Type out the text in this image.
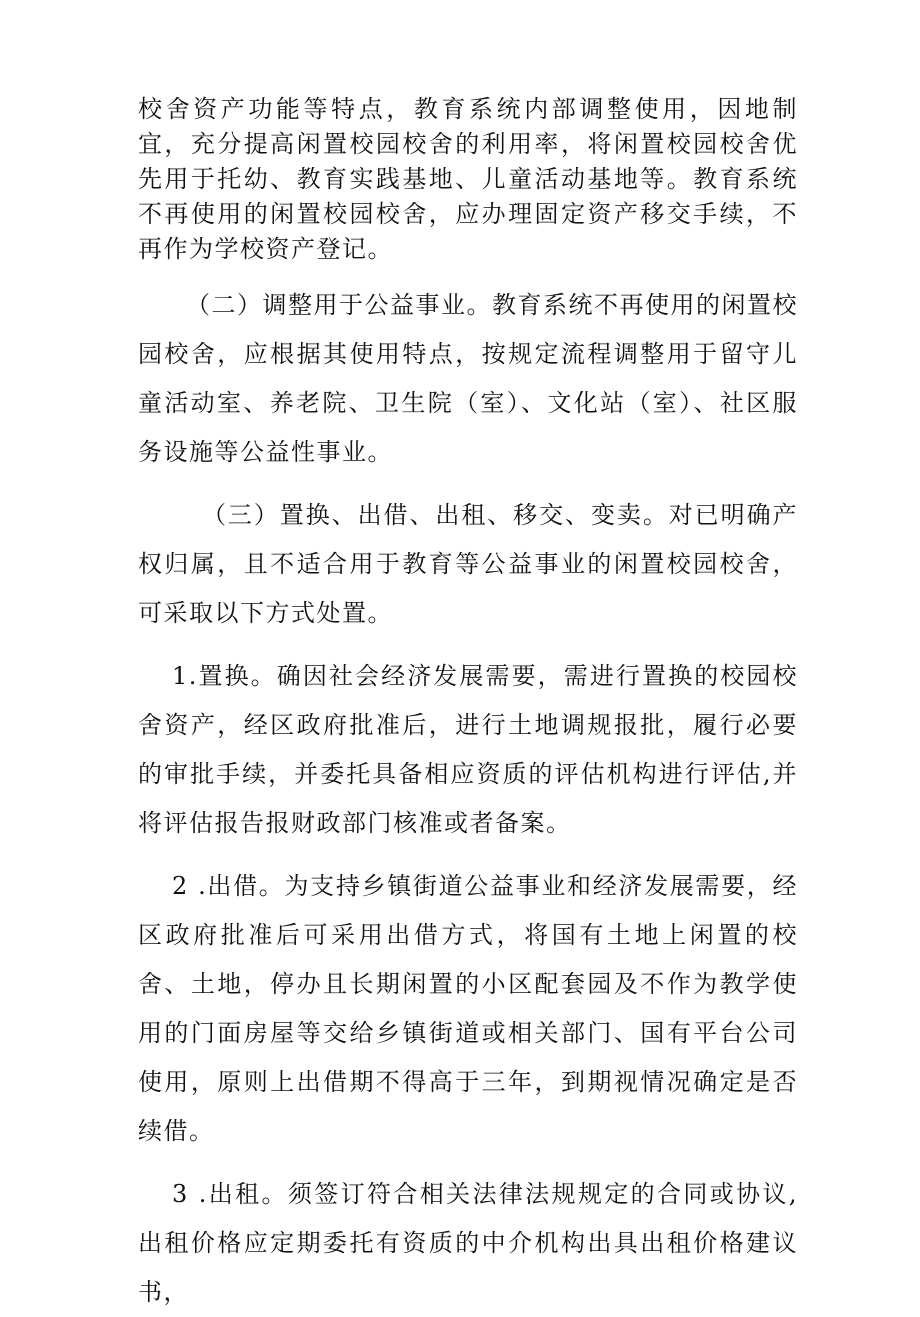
校舍资产功能等特点，教育系统内部调整使用，因地制宜，充分提高闲置校园校舍的利用率，将闲置校园校舍优先用于托幼、教育实践基地、儿童活动基地等。教育系统不再使用的闲置校园校舍，应办理固定资产移交手续，不再作为学校资产登记。

（二）调整用于公益事业。教育系统不再使用的闲置校园校舍，应根据其使用特点，按规定流程调整用于留守儿童活动室、养老院、卫生院（室）、文化站（室）、社区服务设施等公益性事业。

（三）置换、出借、出租、移交、变卖。对已明确产权归属，且不适合用于教育等公益事业的闲置校园校舍，可采取以下方式处置。

1.置换。确因社会经济发展需要，需进行置换的校园校舍资产，经区政府批准后，进行土地调规报批，履行必要的审批手续，并委托具备相应资质的评估机构进行评估,并将评估报告报财政部门核准或者备案。

2 .出借。为支持乡镇街道公益事业和经济发展需要，经区政府批准后可采用出借方式，将国有土地上闲置的校舍、土地，停办且长期闲置的小区配套园及不作为教学使用的门面房屋等交给乡镇街道或相关部门、国有平台公司使用，原则上出借期不得高于三年，到期视情况确定是否续借。

3 .出租。须签订符合相关法律法规规定的合同或协议,出租价格应定期委托有资质的中介机构出具出租价格建议书，
